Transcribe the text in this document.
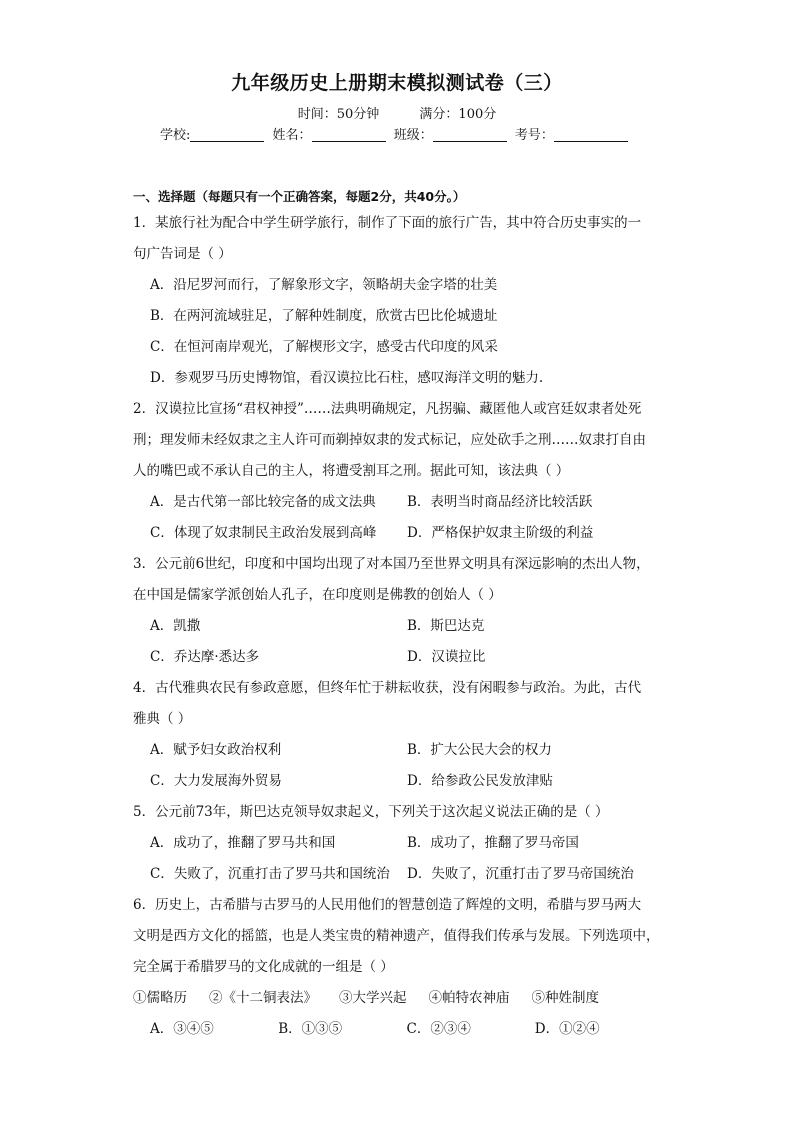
九年级历史上册期末模拟测试卷（三）
时间：50分钟	满分：100分
学校:	姓名：	班级：	考号：
一、选择题（每题只有一个正确答案，每题2分，共40分。）
1．某旅行社为配合中学生研学旅行，制作了下面的旅行广告，其中符合历史事实的一
句广告词是（ ）
A．沿尼罗河而行，了解象形文字，领略胡夫金字塔的壮美
B．在两河流域驻足，了解种姓制度，欣赏古巴比伦城遗址
C．在恒河南岸观光，了解楔形文字，感受古代印度的风采
D．参观罗马历史博物馆，看汉谟拉比石柱，感叹海洋文明的魅力.
2．汉谟拉比宣扬“君权神授”……法典明确规定，凡拐骗、藏匿他人或宫廷奴隶者处死
刑；理发师未经奴隶之主人许可而剃掉奴隶的发式标记，应处砍手之刑……奴隶打自由
人的嘴巴或不承认自己的主人，将遭受割耳之刑。据此可知，该法典（ ）
A．是古代第一部比较完备的成文法典	B．表明当时商品经济比较活跃
C．体现了奴隶制民主政治发展到高峰	D．严格保护奴隶主阶级的利益
3．公元前6世纪，印度和中国均出现了对本国乃至世界文明具有深远影响的杰出人物，
在中国是儒家学派创始人孔子，在印度则是佛教的创始人（ ）
A．凯撒	B．斯巴达克
C．乔达摩·悉达多	D．汉谟拉比
4．古代雅典农民有参政意愿，但终年忙于耕耘收获，没有闲暇参与政治。为此，古代
雅典（ ）
A．赋予妇女政治权利	B．扩大公民大会的权力
C．大力发展海外贸易	D．给参政公民发放津贴
5．公元前73年，斯巴达克领导奴隶起义，下列关于这次起义说法正确的是（ ）
A．成功了，推翻了罗马共和国	B．成功了，推翻了罗马帝国
C．失败了，沉重打击了罗马共和国统治	D．失败了，沉重打击了罗马帝国统治
6．历史上，古希腊与古罗马的人民用他们的智慧创造了辉煌的文明，希腊与罗马两大
文明是西方文化的摇篮，也是人类宝贵的精神遗产，值得我们传承与发展。下列选项中，
完全属于希腊罗马的文化成就的一组是（ ）
①儒略历 ②《十二铜表法》 ③大学兴起 ④帕特农神庙 ⑤种姓制度
A．③④⑤	B．①③⑤	C．②③④	D．①②④
